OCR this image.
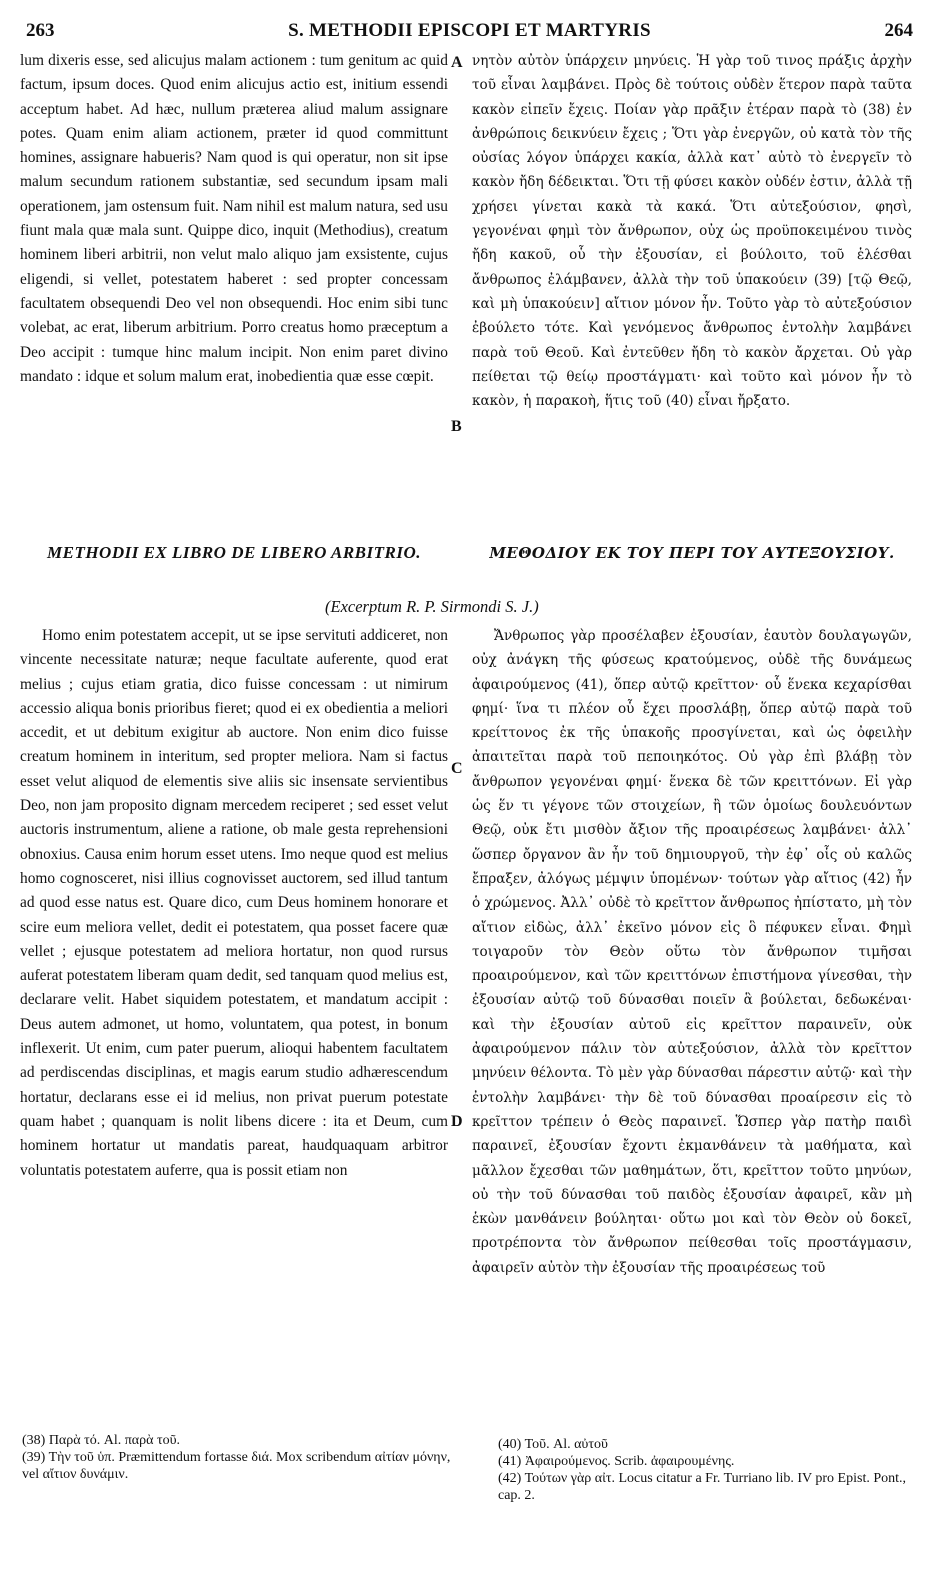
263	S. METHODII EPISCOPI ET MARTYRIS	264

lum dixeris esse, sed alicujus malam actionem : tum genitum ac quid factum, ipsum doces. Quod enim alicujus actio est, initium essendi acceptum habet. Ad hæc, nullum præterea aliud malum assignare potes. Quam enim aliam actionem, præter id quod committunt homines, assignare habueris? Nam quod is qui operatur, non sit ipse malum secundum rationem substantiæ, sed secundum ipsam mali operationem, jam ostensum fuit. Nam nihil est malum natura, sed usu fiunt mala quæ mala sunt. Quippe dico, inquit (Methodius), creatum hominem liberi arbitrii, non velut malo aliquo jam exsistente, cujus eligendi, si vellet, potestatem haberet : sed propter concessam facultatem obsequendi Deo vel non obsequendi. Hoc enim sibi tunc volebat, ac erat, liberum arbitrium. Porro creatus homo præceptum a Deo accipit : tumque hinc malum incipit. Non enim paret divino mandato : idque et solum malum erat, inobedientia quæ esse cœpit.

νητὸν αὐτὸν ὑπάρχειν μηνύεις. Ἡ γὰρ τοῦ τινος πράξις ἀρχὴν τοῦ εἶναι λαμβάνει. Πρὸς δὲ τούτοις οὐδὲν ἕτερον παρὰ ταῦτα κακὸν εἰπεῖν ἔχεις. Ποίαν γὰρ πρᾶξιν ἑτέραν παρὰ τὸ (38) ἐν ἀνθρώποις δεικνύειν ἔχεις ; Ὅτι γὰρ ἐνεργῶν, οὐ κατὰ τὸν τῆς οὐσίας λόγον ὑπάρχει κακία, ἀλλὰ κατ᾽ αὐτὸ τὸ ἐνεργεῖν τὸ κακὸν ἤδη δέδεικται. Ὅτι τῇ φύσει κακὸν οὐδέν ἐστιν, ἀλλὰ τῇ χρήσει γίνεται κακὰ τὰ κακά. Ὅτι αὐτεξούσιον, φησὶ, γεγονέναι φημὶ τὸν ἄνθρωπον, οὐχ ὡς προϋποκειμένου τινὸς ἤδη κακοῦ, οὗ τὴν ἐξουσίαν, εἰ βούλοιτο, τοῦ ἑλέσθαι ἄνθρωπος ἐλάμβανεν, ἀλλὰ τὴν τοῦ ὑπακούειν (39) [τῷ Θεῷ, καὶ μὴ ὑπακούειν] αἴτιον μόνον ἦν. Τοῦτο γὰρ τὸ αὐτεξούσιον ἐβούλετο τότε. Καὶ γενόμενος ἄνθρωπος ἐντολὴν λαμβάνει παρὰ τοῦ Θεοῦ. Καὶ ἐντεῦθεν ἤδη τὸ κακὸν ἄρχεται. Οὐ γὰρ πείθεται τῷ θείῳ προστάγματι· καὶ τοῦτο καὶ μόνον ἦν τὸ κακὸν, ἡ παρακοὴ, ἥτις τοῦ (40) εἶναι ἤρξατο.

A
B
C
D
METHODII EX LIBRO DE LIBERO ARBITRIO.	ΜΕΘΟΔΙΟΥ ΕΚ ΤΟΥ ΠΕΡΙ ΤΟΥ ΑΥΤΕΞΟΥΣΙΟΥ.
(Excerptum R. P. Sirmondi S. J.)

Homo enim potestatem accepit, ut se ipse servituti addiceret, non vincente necessitate naturæ; neque facultate auferente, quod erat melius ; cujus etiam gratia, dico fuisse concessam : ut nimirum accessio aliqua bonis prioribus fieret; quod ei ex obedientia a meliori accedit, et ut debitum exigitur ab auctore. Non enim dico fuisse creatum hominem in interitum, sed propter meliora. Nam si factus esset velut aliquod de elementis sive aliis sic insensate servientibus Deo, non jam proposito dignam mercedem reciperet ; sed esset velut auctoris instrumentum, aliene a ratione, ob male gesta reprehensioni obnoxius. Causa enim horum esset utens. Imo neque quod est melius homo cognosceret, nisi illius cognovisset auctorem, sed illud tantum ad quod esse natus est. Quare dico, cum Deus hominem honorare et scire eum meliora vellet, dedit ei potestatem, qua posset facere quæ vellet ; ejusque potestatem ad meliora hortatur, non quod rursus auferat potestatem liberam quam dedit, sed tanquam quod melius est, declarare velit. Habet siquidem potestatem, et mandatum accipit : Deus autem admonet, ut homo, voluntatem, qua potest, in bonum inflexerit. Ut enim, cum pater puerum, alioqui habentem facultatem ad perdiscendas disciplinas, et magis earum studio adhærescendum hortatur, declarans esse ei id melius, non privat puerum potestate quam habet ; quanquam is nolit libens dicere : ita et Deum, cum hominem hortatur ut mandatis pareat, haudquaquam arbitror voluntatis potestatem auferre, qua is possit etiam non

Ἄνθρωπος γὰρ προσέλαβεν ἐξουσίαν, ἑαυτὸν δουλαγωγῶν, οὐχ ἀνάγκη τῆς φύσεως κρατούμενος, οὐδὲ τῆς δυνάμεως ἀφαιρούμενος (41), ὅπερ αὐτῷ κρεῖττον· οὗ ἕνεκα κεχαρίσθαι φημί· ἵνα τι πλέον οὗ ἔχει προσλάβῃ, ὅπερ αὐτῷ παρὰ τοῦ κρείττονος ἐκ τῆς ὑπακοῆς προσγίνεται, καὶ ὡς ὀφειλὴν ἀπαιτεῖται παρὰ τοῦ πεποιηκότος. Οὐ γὰρ ἐπὶ βλάβῃ τὸν ἄνθρωπον γεγονέναι φημί· ἕνεκα δὲ τῶν κρειττόνων. Εἰ γὰρ ὡς ἕν τι γέγονε τῶν στοιχείων, ἢ τῶν ὁμοίως δουλευόντων Θεῷ, οὐκ ἔτι μισθὸν ἄξιον τῆς προαιρέσεως λαμβάνει· ἀλλ᾽ ὥσπερ ὄργανον ἂν ἦν τοῦ δημιουργοῦ, τὴν ἐφ᾽ οἷς οὐ καλῶς ἔπραξεν, ἀλόγως μέμψιν ὑπομένων· τούτων γὰρ αἴτιος (42) ἦν ὁ χρώμενος. Ἀλλ᾽ οὐδὲ τὸ κρεῖττον ἄνθρωπος ἠπίστατο, μὴ τὸν αἴτιον εἰδὼς, ἀλλ᾽ ἐκεῖνο μόνον εἰς ὃ πέφυκεν εἶναι. Φημὶ τοιγαροῦν τὸν Θεὸν οὕτω τὸν ἄνθρωπον τιμῆσαι προαιρούμενον, καὶ τῶν κρειττόνων ἐπιστήμονα γίνεσθαι, τὴν ἐξουσίαν αὐτῷ τοῦ δύνασθαι ποιεῖν ἃ βούλεται, δεδωκέναι· καὶ τὴν ἐξουσίαν αὐτοῦ εἰς κρεῖττον παραινεῖν, οὐκ ἀφαιρούμενον πάλιν τὸν αὐτεξούσιον, ἀλλὰ τὸν κρεῖττον μηνύειν θέλοντα. Τὸ μὲν γὰρ δύνασθαι πάρεστιν αὐτῷ· καὶ τὴν ἐντολὴν λαμβάνει· τὴν δὲ τοῦ δύνασθαι προαίρεσιν εἰς τὸ κρεῖττον τρέπειν ὁ Θεὸς παραινεῖ. Ὥσπερ γὰρ πατὴρ παιδὶ παραινεῖ, ἐξουσίαν ἔχοντι ἐκμανθάνειν τὰ μαθήματα, καὶ μᾶλλον ἔχεσθαι τῶν μαθημάτων, ὅτι, κρεῖττον τοῦτο μηνύων, οὐ τὴν τοῦ δύνασθαι τοῦ παιδὸς ἐξουσίαν ἀφαιρεῖ, κἂν μὴ ἑκὼν μανθάνειν βούληται· οὕτω μοι καὶ τὸν Θεὸν οὐ δοκεῖ, προτρέποντα τὸν ἄνθρωπον πείθεσθαι τοῖς προστάγμασιν, ἀφαιρεῖν αὐτὸν τὴν ἐξουσίαν τῆς προαιρέσεως τοῦ

(38) Παρὰ τό. Al. παρὰ τοῦ.
(39) Τὴν τοῦ ὑπ. Præmittendum fortasse διά. Mox scribendum αἰτίαν μόνην, vel αἴτιον δυνάμιν.
(40) Τοῦ. Al. αὐτοῦ
(41) Ἀφαιρούμενος. Scrib. ἀφαιρουμένης.
(42) Τούτων γὰρ αἰτ. Locus citatur a Fr. Turriano lib. IV pro Epist. Pont., cap. 2.
